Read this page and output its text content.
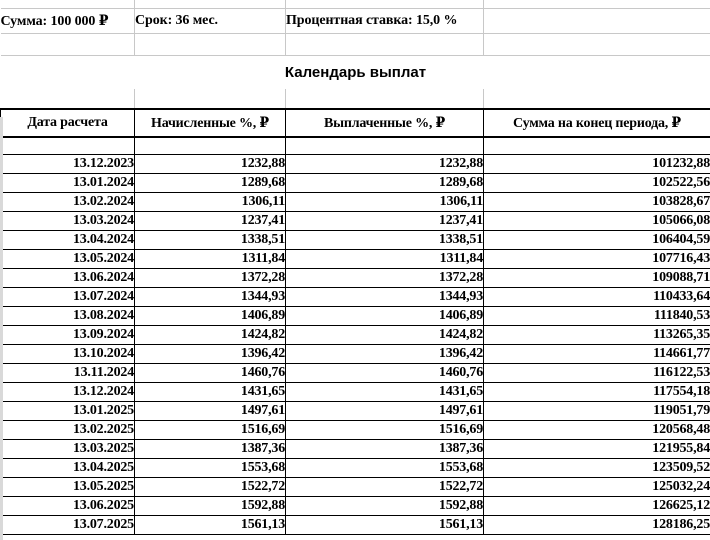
Сумма: 100 000 ₽	Срок: 36 мес.	Процентная ставка: 15,0 %	

Календарь выплат			

Дата расчета	Начисленные %, ₽	Выплаченные %, ₽	Сумма на конец периода, ₽

13.12.2023	1232,88	1232,88	101232,88
13.01.2024	1289,68	1289,68	102522,56
13.02.2024	1306,11	1306,11	103828,67
13.03.2024	1237,41	1237,41	105066,08
13.04.2024	1338,51	1338,51	106404,59
13.05.2024	1311,84	1311,84	107716,43
13.06.2024	1372,28	1372,28	109088,71
13.07.2024	1344,93	1344,93	110433,64
13.08.2024	1406,89	1406,89	111840,53
13.09.2024	1424,82	1424,82	113265,35
13.10.2024	1396,42	1396,42	114661,77
13.11.2024	1460,76	1460,76	116122,53
13.12.2024	1431,65	1431,65	117554,18
13.01.2025	1497,61	1497,61	119051,79
13.02.2025	1516,69	1516,69	120568,48
13.03.2025	1387,36	1387,36	121955,84
13.04.2025	1553,68	1553,68	123509,52
13.05.2025	1522,72	1522,72	125032,24
13.06.2025	1592,88	1592,88	126625,12
13.07.2025	1561,13	1561,13	128186,25
